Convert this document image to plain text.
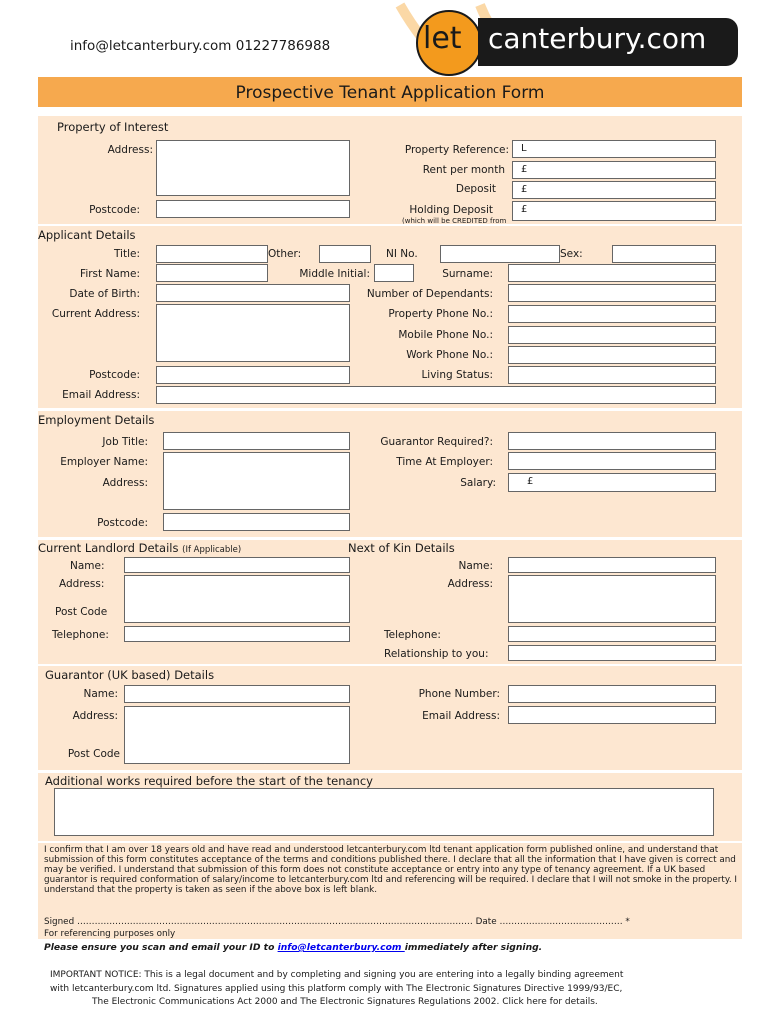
info@letcanterbury.com 01227786988	let canterbury.com
Prospective Tenant Application Form
Property of Interest
Address:
Postcode:
Property Reference:	L
Rent per month	£
Deposit	£
Holding Deposit	£
(which will be CREDITED from
Applicant Details
Title:	Other:	NI No.	Sex:
First Name:	Middle Initial:	Surname:
Date of Birth:	Number of Dependants:
Current Address:	Property Phone No.:
Mobile Phone No.:
Work Phone No.:
Postcode:	Living Status:
Email Address:
Employment Details
Job Title:	Guarantor Required?:
Employer Name:	Time At Employer:
Address:	Salary:	£
Postcode:
Current Landlord Details (If Applicable)	Next of Kin Details
Name:
Address:
Post Code
Telephone:
Name:
Address:
Telephone:
Relationship to you:
Guarantor (UK based) Details
Name:
Address:
Post Code
Phone Number:
Email Address:
Additional works required before the start of the tenancy
I confirm that I am over 18 years old and have read and understood letcanterbury.com ltd tenant application form published online, and understand that submission of this form constitutes acceptance of the terms and conditions published there. I declare that all the information that I have given is correct and may be verified. I understand that submission of this form does not constitute acceptance or entry into any type of tenancy agreement. If a UK based guarantor is required conformation of salary/income to letcanterbury.com ltd and referencing will be required. I declare that I will not smoke in the property. I understand that the property is taken as seen if the above box is left blank.
Signed ……………………………………………………………………………………………………………………… Date …………………………………… *
For referencing purposes only
Please ensure you scan and email your ID to info@letcanterbury.com immediately after signing.
IMPORTANT NOTICE: This is a legal document and by completing and signing you are entering into a legally binding agreement
with letcanterbury.com ltd. Signatures applied using this platform comply with The Electronic Signatures Directive 1999/93/EC,
The Electronic Communications Act 2000 and The Electronic Signatures Regulations 2002. Click here for details.
